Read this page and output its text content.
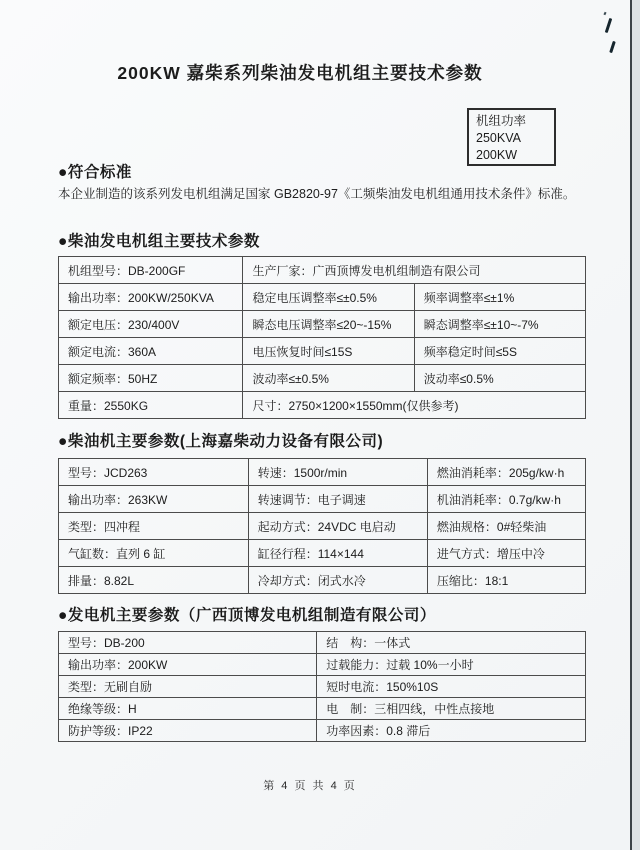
200KW 嘉柴系列柴油发电机组主要技术参数
机组功率
250KVA
200KW
●符合标准

本企业制造的该系列发电机组满足国家 GB2820-97《工频柴油发电机组通用技术条件》标准。

●柴油发电机组主要技术参数
机组型号：DB-200GF	生产厂家：广西顶博发电机组制造有限公司	
输出功率：200KW/250KVA	稳定电压调整率≤±0.5%	频率调整率≤±1%
额定电压：230/400V	瞬态电压调整率≤20~-15%	瞬态调整率≤±10~-7%
额定电流：360A	电压恢复时间≤15S	频率稳定时间≤5S
额定频率：50HZ	波动率≤±0.5%	波动率≤0.5%
重量：2550KG	尺寸：2750×1200×1550mm(仅供参考)	
●柴油机主要参数(上海嘉柴动力设备有限公司)
型号：JCD263	转速：1500r/min	燃油消耗率：205g/kw·h
输出功率：263KW	转速调节：电子调速	机油消耗率：0.7g/kw·h
类型：四冲程	起动方式：24VDC 电启动	燃油规格：0#轻柴油
气缸数：直列 6 缸	缸径行程：114×144	进气方式：增压中冷
排量：8.82L	冷却方式：闭式水冷	压缩比：18:1
●发电机主要参数（广西顶博发电机组制造有限公司）
型号：DB-200	结　构：一体式
输出功率：200KW	过载能力：过载 10%一小时
类型：无刷自励	短时电流：150%10S
绝缘等级：H	电　制：三相四线，中性点接地
防护等级：IP22	功率因素：0.8 滞后
第 4 页 共 4 页
